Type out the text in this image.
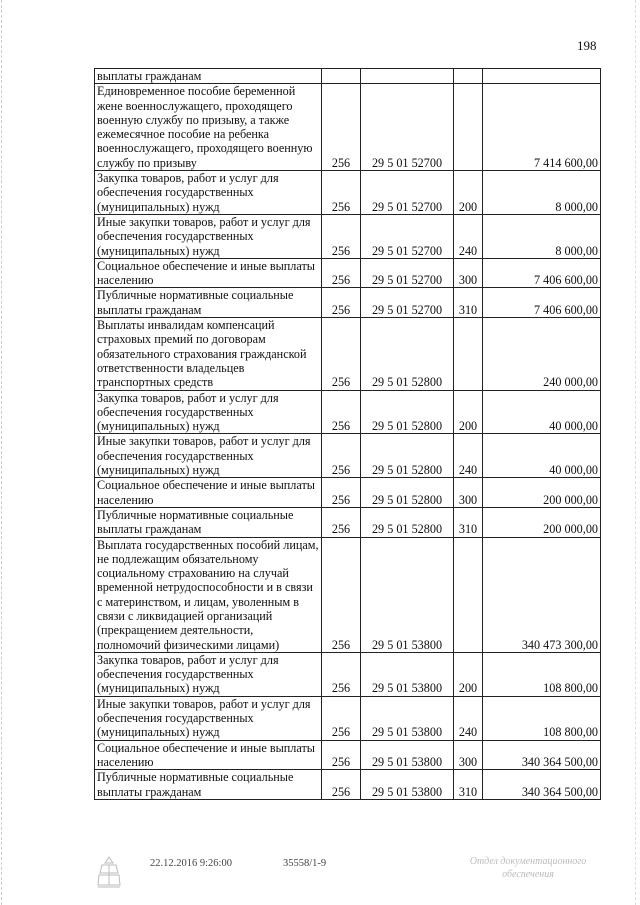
198
выплаты гражданам				
Единовременное пособие беременной жене военнослужащего, проходящего военную службу по призыву, а также ежемесячное пособие на ребенка военнослужащего, проходящего военную службу по призыву	256	29 5 01 52700		7 414 600,00
Закупка товаров, работ и услуг для обеспечения государственных (муниципальных) нужд	256	29 5 01 52700	200	8 000,00
Иные закупки товаров, работ и услуг для обеспечения государственных (муниципальных) нужд	256	29 5 01 52700	240	8 000,00
Социальное обеспечение и иные выплаты населению	256	29 5 01 52700	300	7 406 600,00
Публичные нормативные социальные выплаты гражданам	256	29 5 01 52700	310	7 406 600,00
Выплаты инвалидам компенсаций страховых премий по договорам обязательного страхования гражданской ответственности владельцев транспортных средств	256	29 5 01 52800		240 000,00
Закупка товаров, работ и услуг для обеспечения государственных (муниципальных) нужд	256	29 5 01 52800	200	40 000,00
Иные закупки товаров, работ и услуг для обеспечения государственных (муниципальных) нужд	256	29 5 01 52800	240	40 000,00
Социальное обеспечение и иные выплаты населению	256	29 5 01 52800	300	200 000,00
Публичные нормативные социальные выплаты гражданам	256	29 5 01 52800	310	200 000,00
Выплата государственных пособий лицам, не подлежащим обязательному социальному страхованию на случай временной нетрудоспособности и в связи с материнством, и лицам, уволенным в связи с ликвидацией организаций (прекращением деятельности, полномочий физическими лицами)	256	29 5 01 53800		340 473 300,00
Закупка товаров, работ и услуг для обеспечения государственных (муниципальных) нужд	256	29 5 01 53800	200	108 800,00
Иные закупки товаров, работ и услуг для обеспечения государственных (муниципальных) нужд	256	29 5 01 53800	240	108 800,00
Социальное обеспечение и иные выплаты населению	256	29 5 01 53800	300	340 364 500,00
Публичные нормативные социальные выплаты гражданам	256	29 5 01 53800	310	340 364 500,00
22.12.2016 9:26:00	35558/1-9	Отдел документационного
обеспечения
